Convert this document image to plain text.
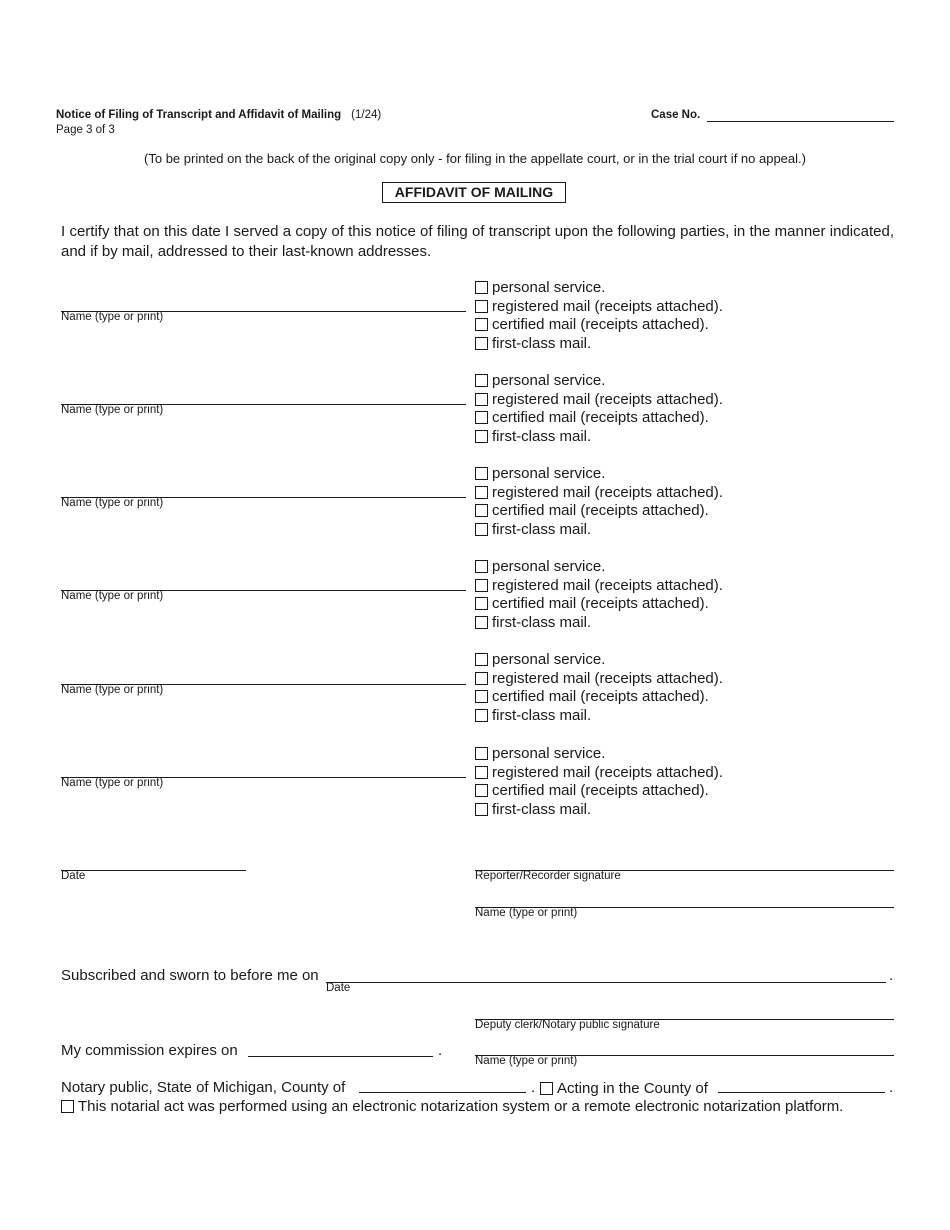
Notice of Filing of Transcript and Affidavit of Mailing (1/24)
Page 3 of 3
Case No.
(To be printed on the back of the original copy only - for filing in the appellate court, or in the trial court if no appeal.)
AFFIDAVIT OF MAILING
I certify that on this date I served a copy of this notice of filing of transcript upon the following parties, in the manner indicated, and if by mail, addressed to their last-known addresses.
Name (type or print)
personal service.
registered mail (receipts attached).
certified mail (receipts attached).
first-class mail.
Name (type or print)
personal service.
registered mail (receipts attached).
certified mail (receipts attached).
first-class mail.
Name (type or print)
personal service.
registered mail (receipts attached).
certified mail (receipts attached).
first-class mail.
Name (type or print)
personal service.
registered mail (receipts attached).
certified mail (receipts attached).
first-class mail.
Name (type or print)
personal service.
registered mail (receipts attached).
certified mail (receipts attached).
first-class mail.
Name (type or print)
personal service.
registered mail (receipts attached).
certified mail (receipts attached).
first-class mail.
Date	Reporter/Recorder signature
Name (type or print)
Subscribed and sworn to before me on	.
Date
Deputy clerk/Notary public signature
My commission expires on	.
Name (type or print)
Notary public, State of Michigan, County of	. Acting in the County of	.
This notarial act was performed using an electronic notarization system or a remote electronic notarization platform.
